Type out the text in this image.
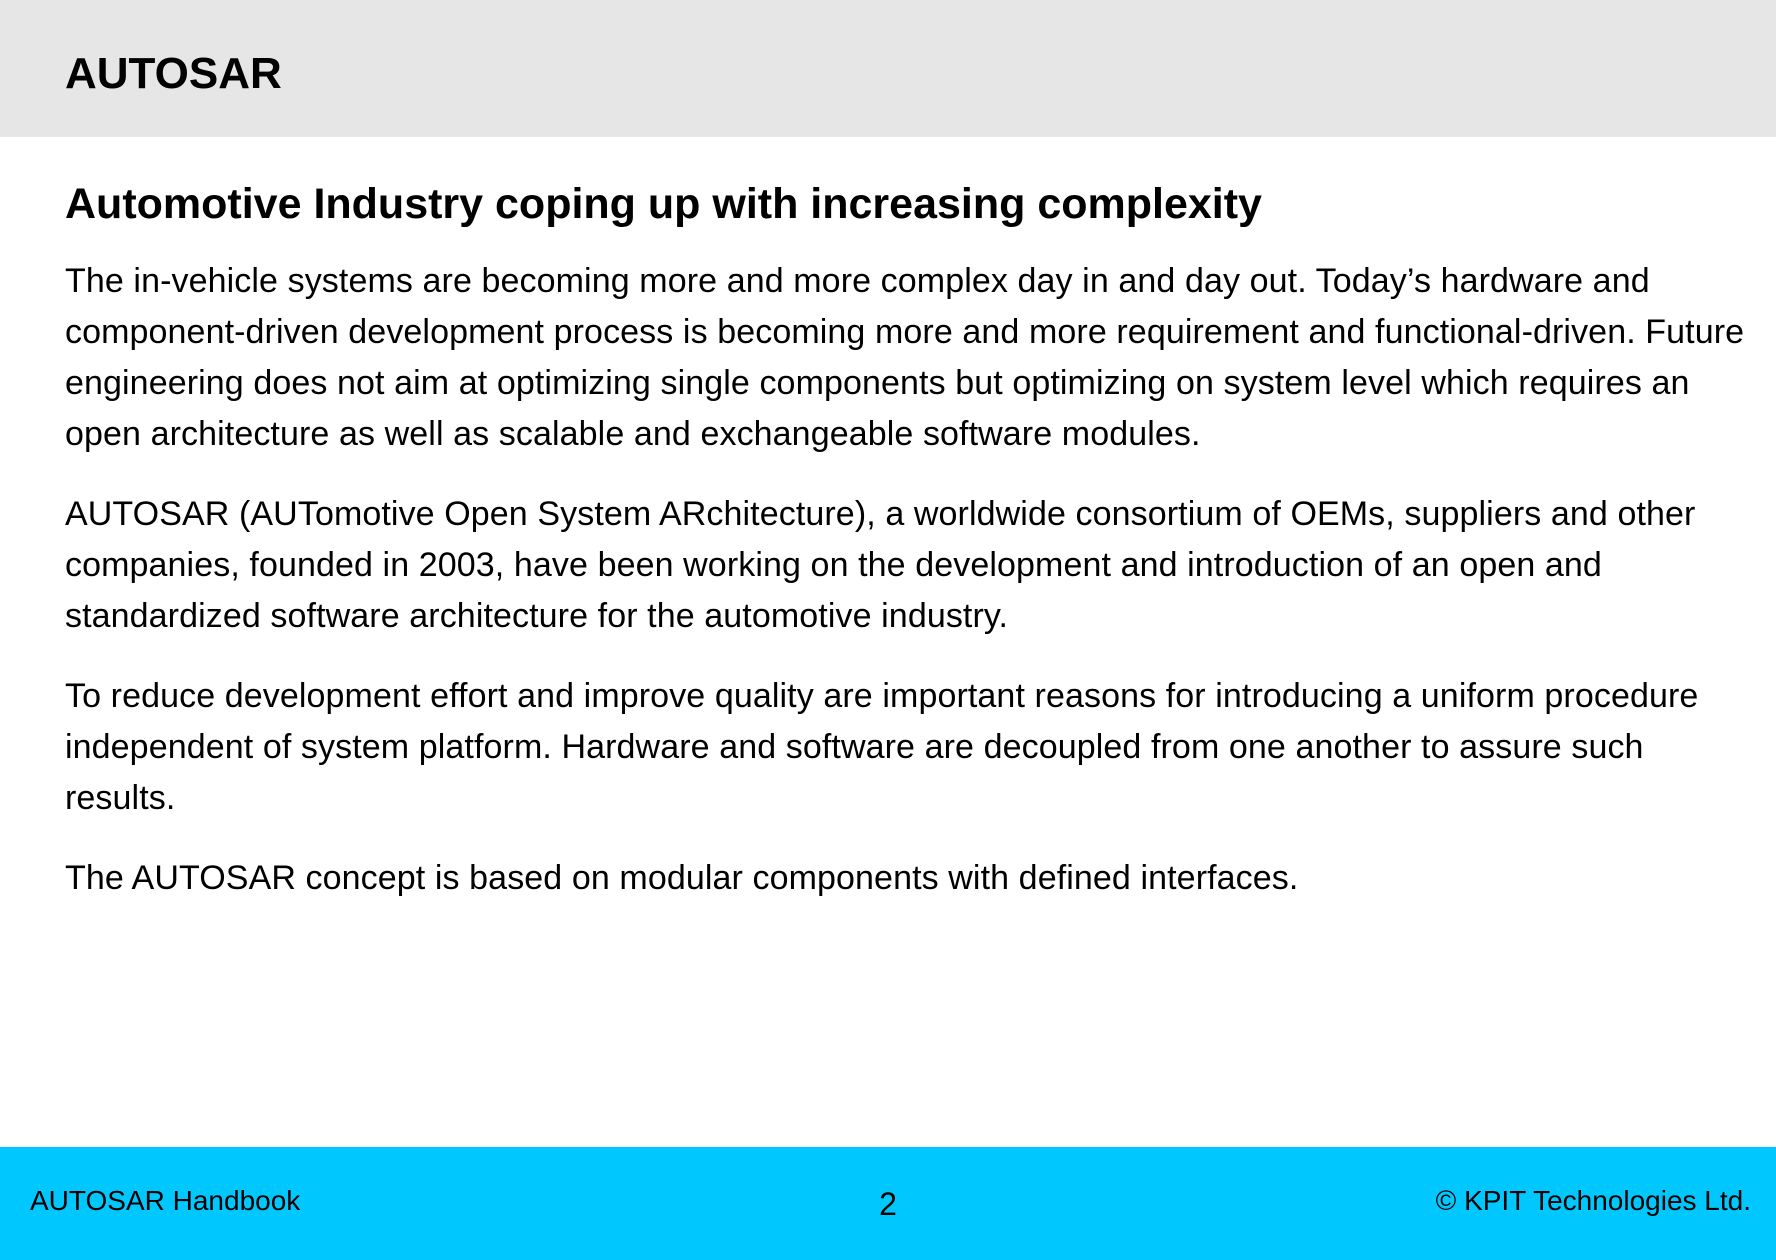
AUTOSAR
Automotive Industry coping up with increasing complexity

The in-vehicle systems are becoming more and more complex day in and day out. Today’s hardware and component-driven development process is becoming more and more requirement and functional-driven. Future engineering does not aim at optimizing single components but optimizing on system level which requires an open architecture as well as scalable and exchangeable software modules.

AUTOSAR (AUTomotive Open System ARchitecture), a worldwide consortium of OEMs, suppliers and other companies, founded in 2003, have been working on the development and introduction of an open and standardized software architecture for the automotive industry.

To reduce development effort and improve quality are important reasons for introducing a uniform procedure independent of system platform. Hardware and software are decoupled from one another to assure such results.

The AUTOSAR concept is based on modular components with defined interfaces.

AUTOSAR Handbook	2	© KPIT Technologies Ltd.
